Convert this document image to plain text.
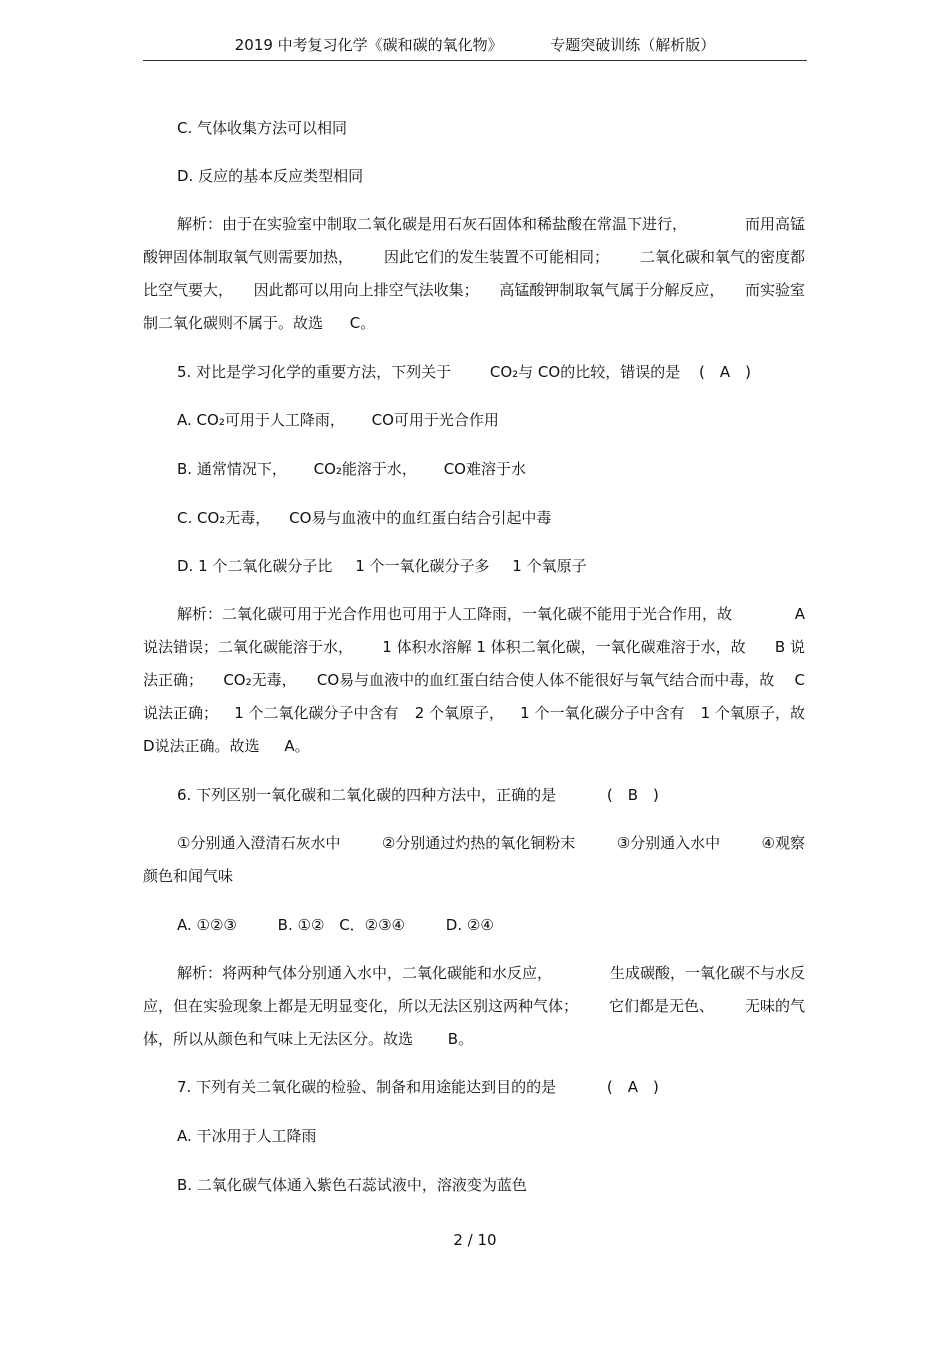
2019 中考复习化学《碳和碳的氧化物》	专题突破训练（解析版）
C. 气体收集方法可以相同
D. 反应的基本反应类型相同
解析：由于在实验室中制取二氧化碳是用石灰石固体和稀盐酸在常温下进行，	而用高锰
酸钾固体制取氧气则需要加热， 因此它们的发生装置不可能相同； 二氧化碳和氧气的密度都
比空气要大， 因此都可以用向上排空气法收集； 高锰酸钾制取氧气属于分解反应， 而实验室
制二氧化碳则不属于。故选 C。
5. 对比是学习化学的重要方法，下列关于	CO₂与 CO的比较，错误的是 (　A　)
A. CO₂可用于人工降雨， CO可用于光合作用
B. 通常情况下， CO₂能溶于水， CO难溶于水
C. CO₂无毒， CO易与血液中的血红蛋白结合引起中毒
D. 1 个二氧化碳分子比 1 个一氧化碳分子多 1 个氧原子
解析：二氧化碳可用于光合作用也可用于人工降雨，一氧化碳不能用于光合作用，故	A
说法错误；二氧化碳能溶于水， 1 体积水溶解 1 体积二氧化碳，一氧化碳难溶于水，故 B 说
法正确； CO₂无毒， CO易与血液中的血红蛋白结合使人体不能很好与氧气结合而中毒，故 C
说法正确； 1 个二氧化碳分子中含有 2 个氧原子， 1 个一氧化碳分子中含有 1 个氧原子，故
D说法正确。故选 A。
6. 下列区别一氧化碳和二氧化碳的四种方法中，正确的是	(　B　)
①分别通入澄清石灰水中	②分别通过灼热的氧化铜粉末	③分别通入水中	④观察
颜色和闻气味
A. ①②③	B. ①② C．②③④	D. ②④
解析：将两种气体分别通入水中，二氧化碳能和水反应，	生成碳酸，一氧化碳不与水反
应，但在实验现象上都是无明显变化，所以无法区别这两种气体； 它们都是无色、 无味的气
体，所以从颜色和气味上无法区分。故选 B。
7. 下列有关二氧化碳的检验、制备和用途能达到目的的是	(　A　)
A. 干冰用于人工降雨
B. 二氧化碳气体通入紫色石蕊试液中，溶液变为蓝色
2 / 10
